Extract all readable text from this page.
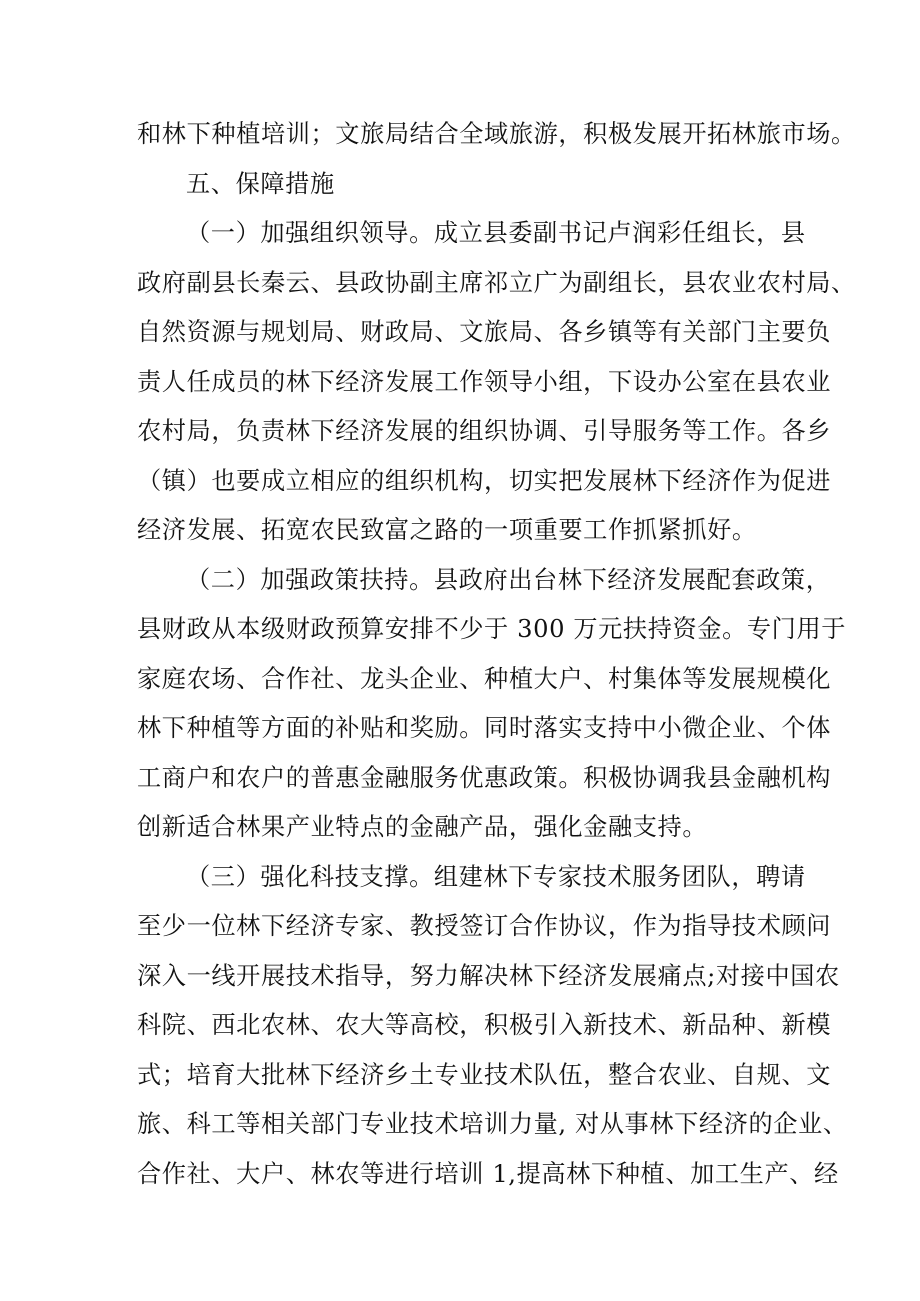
和林下种植培训；文旅局结合全域旅游，积极发展开拓林旅市场。
五、保障措施
（一）加强组织领导。成立县委副书记卢润彩任组长，县
政府副县长秦云、县政协副主席祁立广为副组长，县农业农村局、
自然资源与规划局、财政局、文旅局、各乡镇等有关部门主要负
责人任成员的林下经济发展工作领导小组，下设办公室在县农业
农村局，负责林下经济发展的组织协调、引导服务等工作。各乡
（镇）也要成立相应的组织机构，切实把发展林下经济作为促进
经济发展、拓宽农民致富之路的一项重要工作抓紧抓好。
（二）加强政策扶持。县政府出台林下经济发展配套政策，
县财政从本级财政预算安排不少于 300 万元扶持资金。专门用于
家庭农场、合作社、龙头企业、种植大户、村集体等发展规模化
林下种植等方面的补贴和奖励。同时落实支持中小微企业、个体
工商户和农户的普惠金融服务优惠政策。积极协调我县金融机构
创新适合林果产业特点的金融产品，强化金融支持。
（三）强化科技支撑。组建林下专家技术服务团队，聘请
至少一位林下经济专家、教授签订合作协议，作为指导技术顾问
深入一线开展技术指导，努力解决林下经济发展痛点;对接中国农
科院、西北农林、农大等高校，积极引入新技术、新品种、新模
式；培育大批林下经济乡土专业技术队伍，整合农业、自规、文
旅、科工等相关部门专业技术培训力量, 对从事林下经济的企业、
合作社、大户、林农等进行培训 1,提高林下种植、加工生产、经
